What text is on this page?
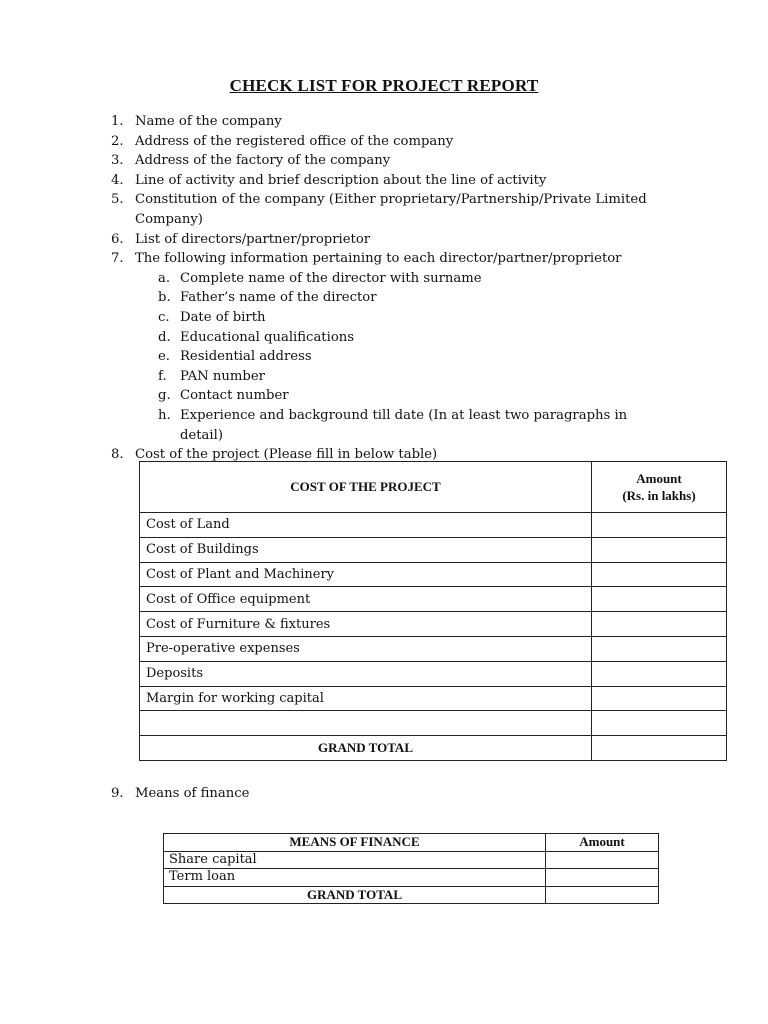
CHECK LIST FOR PROJECT REPORT
1. Name of the company
2. Address of the registered office of the company
3. Address of the factory of the company
4. Line of activity and brief description about the line of activity
5. Constitution of the company (Either proprietary/Partnership/Private Limited Company)
6. List of directors/partner/proprietor
7. The following information pertaining to each director/partner/proprietor
a. Complete name of the director with surname
b. Father’s name of the director
c. Date of birth
d. Educational qualifications
e. Residential address
f.	PAN number
g. Contact number
h. Experience and background till date (In at least two paragraphs in detail)
8. Cost of the project (Please fill in below table)
COST OF THE PROJECT	Amount
(Rs. in lakhs)

Cost of Land	
Cost of Buildings	
Cost of Plant and Machinery	
Cost of Office equipment	
Cost of Furniture & fixtures	
Pre-operative expenses	
Deposits	
Margin for working capital	

GRAND TOTAL	
9. Means of finance
MEANS OF FINANCE	Amount
Share capital	
Term loan	
GRAND TOTAL	
